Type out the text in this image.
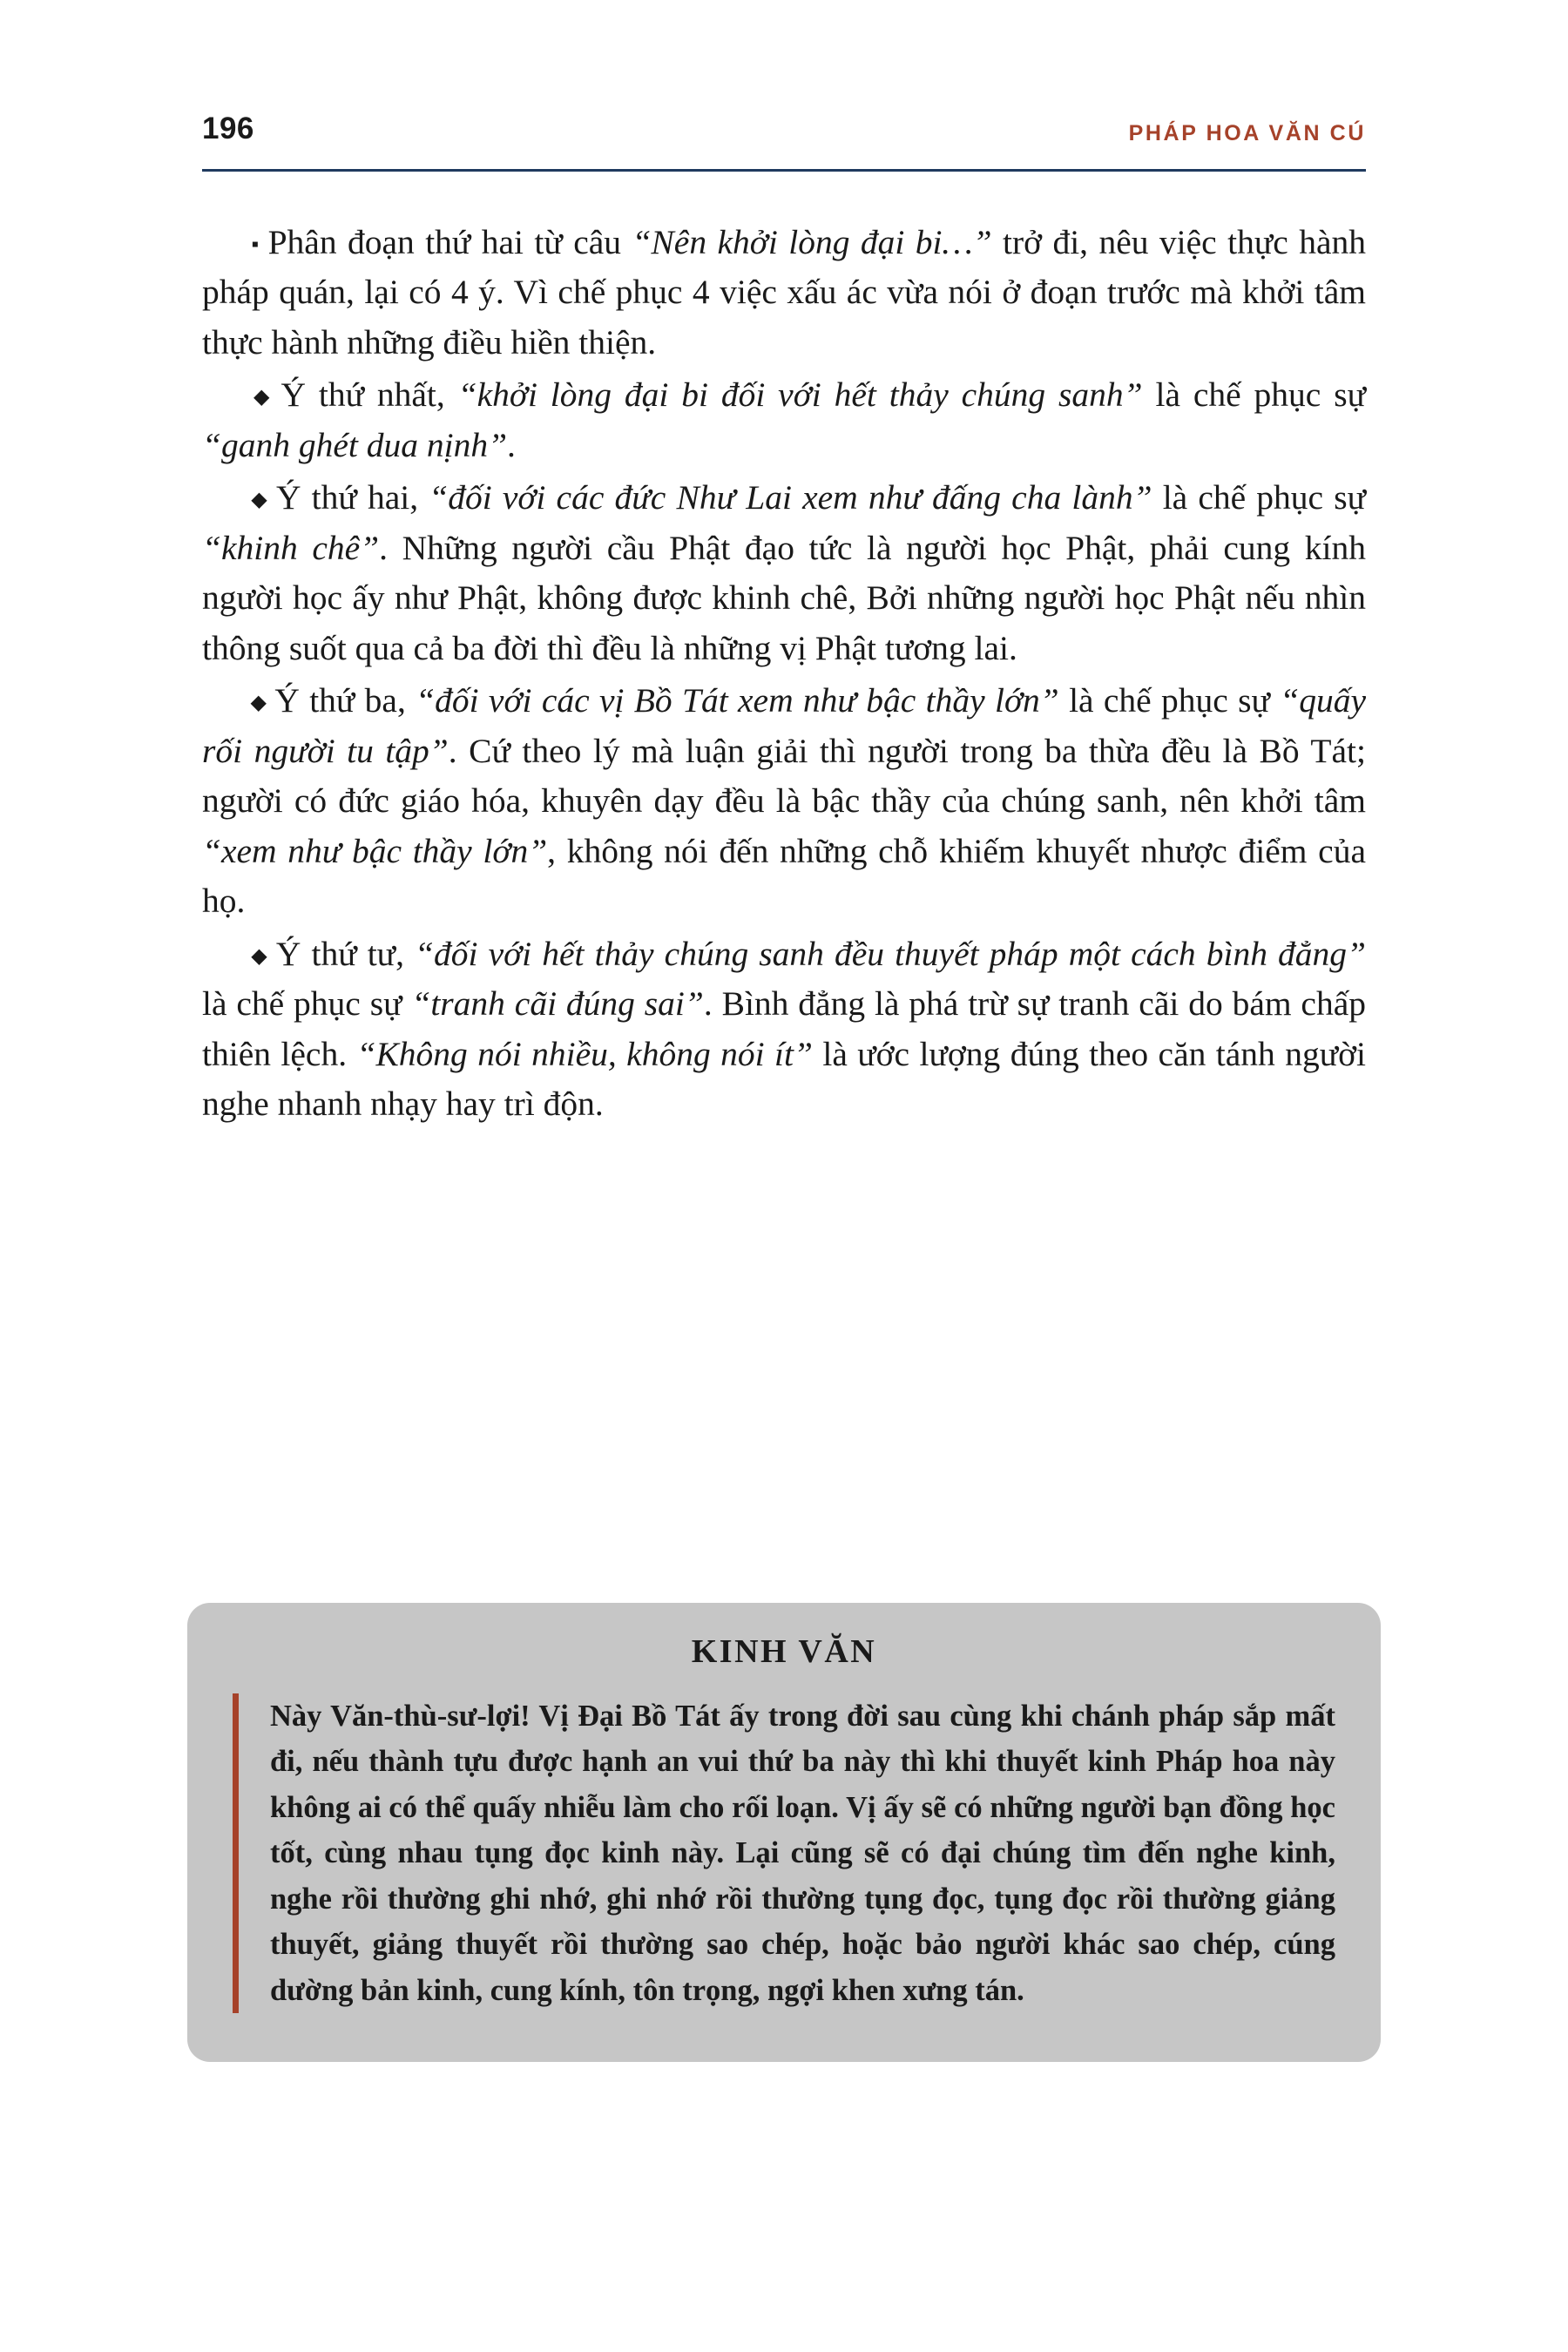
196	PHÁP HOA VĂN CÚ

▪ Phân đoạn thứ hai từ câu “Nên khởi lòng đại bi…” trở đi, nêu việc thực hành pháp quán, lại có 4 ý. Vì chế phục 4 việc xấu ác vừa nói ở đoạn trước mà khởi tâm thực hành những điều hiền thiện.

◆ Ý thứ nhất, “khởi lòng đại bi đối với hết thảy chúng sanh” là chế phục sự “ganh ghét dua nịnh”.

◆ Ý thứ hai, “đối với các đức Như Lai xem như đấng cha lành” là chế phục sự “khinh chê”. Những người cầu Phật đạo tức là người học Phật, phải cung kính người học ấy như Phật, không được khinh chê, Bởi những người học Phật nếu nhìn thông suốt qua cả ba đời thì đều là những vị Phật tương lai.

◆ Ý thứ ba, “đối với các vị Bồ Tát xem như bậc thầy lớn” là chế phục sự “quấy rối người tu tập”. Cứ theo lý mà luận giải thì người trong ba thừa đều là Bồ Tát; người có đức giáo hóa, khuyên dạy đều là bậc thầy của chúng sanh, nên khởi tâm “xem như bậc thầy lớn”, không nói đến những chỗ khiếm khuyết nhược điểm của họ.

◆ Ý thứ tư, “đối với hết thảy chúng sanh đều thuyết pháp một cách bình đẳng” là chế phục sự “tranh cãi đúng sai”. Bình đẳng là phá trừ sự tranh cãi do bám chấp thiên lệch. “Không nói nhiều, không nói ít” là ước lượng đúng theo căn tánh người nghe nhanh nhạy hay trì độn.

KINH VĂN
Này Văn-thù-sư-lợi! Vị Đại Bồ Tát ấy trong đời sau cùng khi chánh pháp sắp mất đi, nếu thành tựu được hạnh an vui thứ ba này thì khi thuyết kinh Pháp hoa này không ai có thể quấy nhiễu làm cho rối loạn. Vị ấy sẽ có những người bạn đồng học tốt, cùng nhau tụng đọc kinh này. Lại cũng sẽ có đại chúng tìm đến nghe kinh, nghe rồi thường ghi nhớ, ghi nhớ rồi thường tụng đọc, tụng đọc rồi thường giảng thuyết, giảng thuyết rồi thường sao chép, hoặc bảo người khác sao chép, cúng dường bản kinh, cung kính, tôn trọng, ngợi khen xưng tán.
